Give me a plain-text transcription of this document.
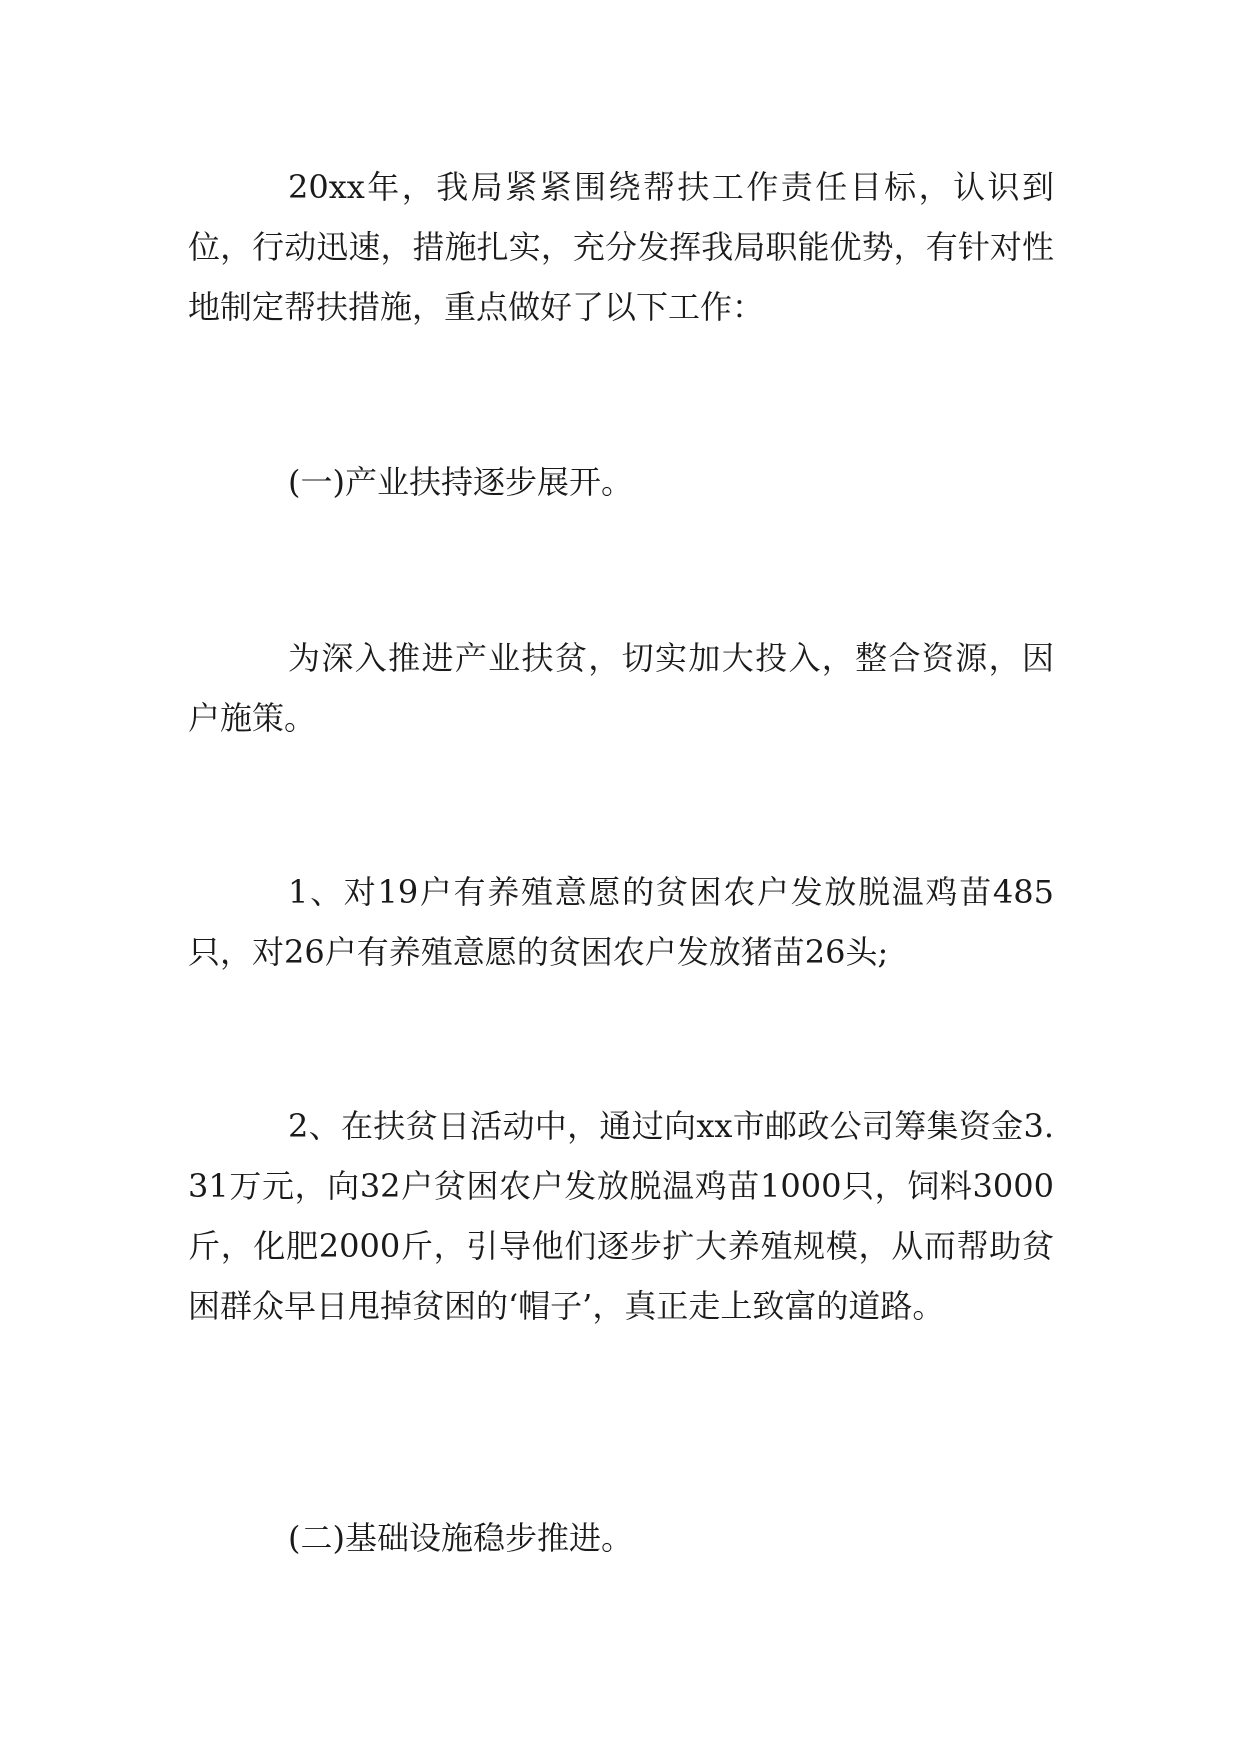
20xx年，我局紧紧围绕帮扶工作责任目标，认识到位，行动迅速，措施扎实，充分发挥我局职能优势，有针对性地制定帮扶措施，重点做好了以下工作：

(一)产业扶持逐步展开。

为深入推进产业扶贫，切实加大投入，整合资源，因户施策。

1、对19户有养殖意愿的贫困农户发放脱温鸡苗485只，对26户有养殖意愿的贫困农户发放猪苗26头;

2、在扶贫日活动中，通过向xx市邮政公司筹集资金3.31万元，向32户贫困农户发放脱温鸡苗1000只，饲料3000斤，化肥2000斤，引导他们逐步扩大养殖规模，从而帮助贫困群众早日甩掉贫困的‘帽子’，真正走上致富的道路。

(二)基础设施稳步推进。
